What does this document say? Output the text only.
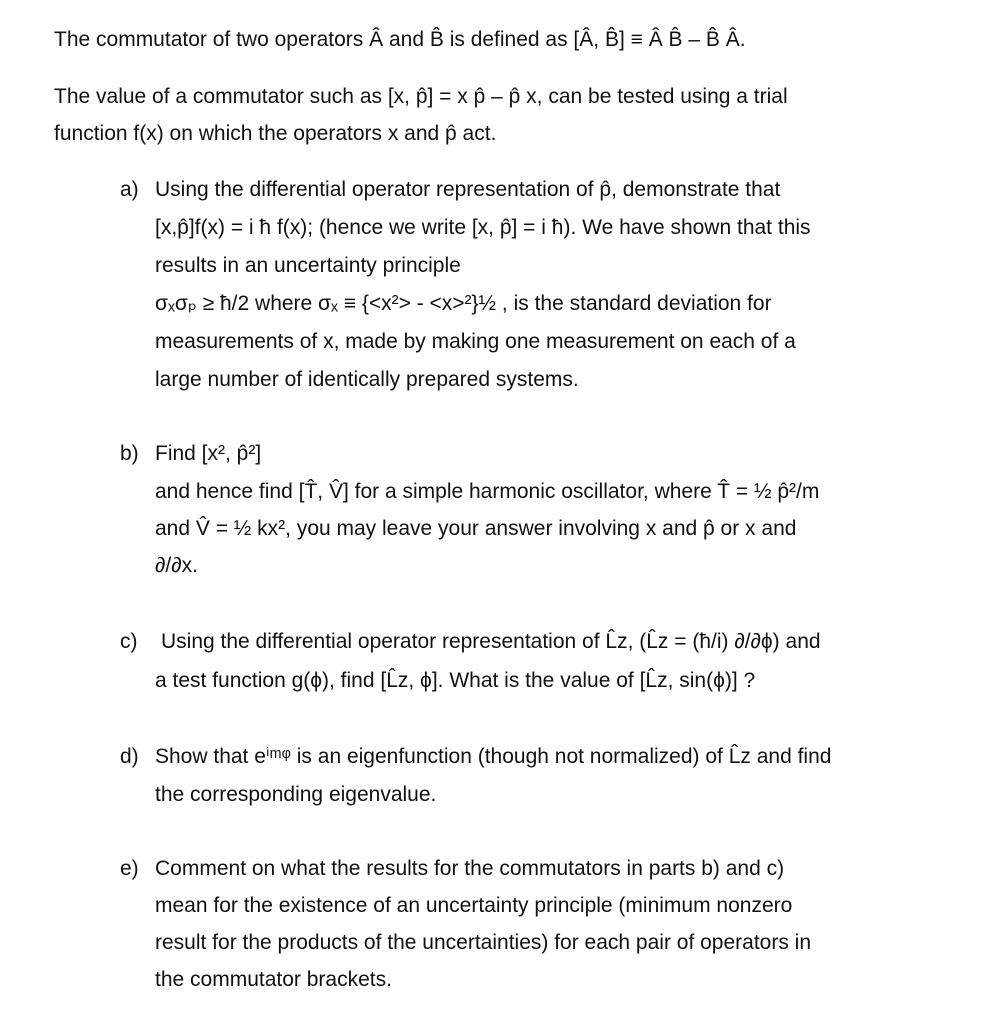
The commutator of two operators Â and B̂ is defined as [Â, B̂] ≡ Â B̂ – B̂ Â.
The value of a commutator such as [x, p̂] = x p̂ – p̂ x, can be tested using a trial
function f(x) on which the operators x and p̂ act.
a) Using the differential operator representation of p̂, demonstrate that
[x,p̂]f(x) = i ħ f(x); (hence we write [x, p̂] = i ħ). We have shown that this
results in an uncertainty principle
σₓσₚ ≥ ħ/2 where σₓ ≡ {<x²> - <x>²}½ , is the standard deviation for
measurements of x, made by making one measurement on each of a
large number of identically prepared systems.
b) Find [x², p̂²]
and hence find [T̂, V̂] for a simple harmonic oscillator, where T̂ = ½ p̂²/m
and V̂ = ½ kx², you may leave your answer involving x and p̂ or x and
∂/∂x.
c) Using the differential operator representation of L̂z, (L̂z = (ħ/i) ∂/∂ϕ) and
a test function g(ϕ), find [L̂z, ϕ]. What is the value of [L̂z, sin(ϕ)] ?
d) Show that eⁱᵐᵠ is an eigenfunction (though not normalized) of L̂z and find
the corresponding eigenvalue.
e) Comment on what the results for the commutators in parts b) and c)
mean for the existence of an uncertainty principle (minimum nonzero
result for the products of the uncertainties) for each pair of operators in
the commutator brackets.
